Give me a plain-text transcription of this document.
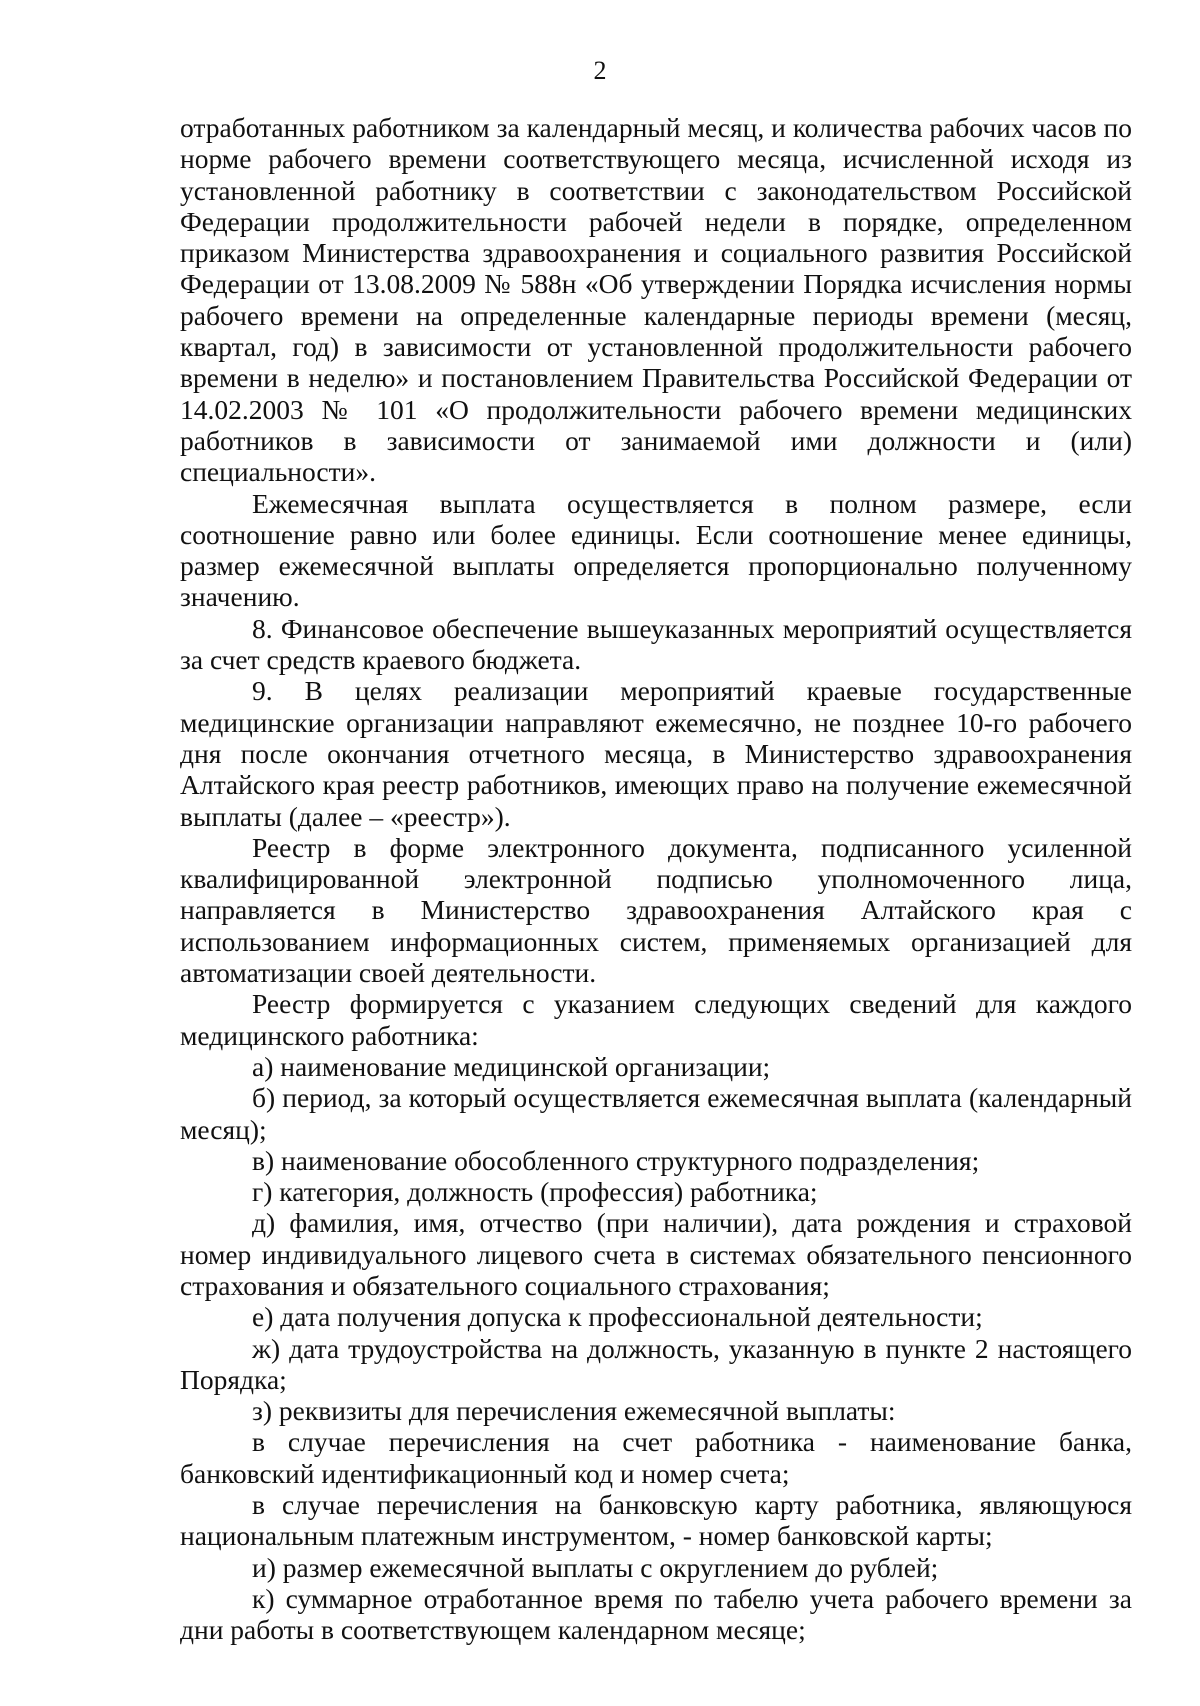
2

отработанных работником за календарный месяц, и количества рабочих часов по норме рабочего времени соответствующего месяца, исчисленной исходя из установленной работнику в соответствии с законодательством Российской Федерации продолжительности рабочей недели в порядке, определенном приказом Министерства здравоохранения и социального развития Российской Федерации от 13.08.2009 № 588н «Об утверждении Порядка исчисления нормы рабочего времени на определенные календарные периоды времени (месяц, квартал, год) в зависимости от установленной продолжительности рабочего времени в неделю» и постановлением Правительства Российской Федерации от 14.02.2003 № 101 «О продолжительности рабочего времени медицинских работников в зависимости от занимаемой ими должности и (или) специальности».

Ежемесячная выплата осуществляется в полном размере, если соотношение равно или более единицы. Если соотношение менее единицы, размер ежемесячной выплаты определяется пропорционально полученному значению.

8. Финансовое обеспечение вышеуказанных мероприятий осуществляется за счет средств краевого бюджета.

9. В целях реализации мероприятий краевые государственные медицинские организации направляют ежемесячно, не позднее 10-го рабочего дня после окончания отчетного месяца, в Министерство здравоохранения Алтайского края реестр работников, имеющих право на получение ежемесячной выплаты (далее – «реестр»).

Реестр в форме электронного документа, подписанного усиленной квалифицированной электронной подписью уполномоченного лица, направляется в Министерство здравоохранения Алтайского края с использованием информационных систем, применяемых организацией для автоматизации своей деятельности.

Реестр формируется с указанием следующих сведений для каждого медицинского работника:

а) наименование медицинской организации;

б) период, за который осуществляется ежемесячная выплата (календарный месяц);

в) наименование обособленного структурного подразделения;

г) категория, должность (профессия) работника;

д) фамилия, имя, отчество (при наличии), дата рождения и страховой номер индивидуального лицевого счета в системах обязательного пенсионного страхования и обязательного социального страхования;

е) дата получения допуска к профессиональной деятельности;

ж) дата трудоустройства на должность, указанную в пункте 2 настоящего Порядка;

з) реквизиты для перечисления ежемесячной выплаты:

в случае перечисления на счет работника - наименование банка, банковский идентификационный код и номер счета;

в случае перечисления на банковскую карту работника, являющуюся национальным платежным инструментом, - номер банковской карты;

и) размер ежемесячной выплаты с округлением до рублей;

к) суммарное отработанное время по табелю учета рабочего времени за дни работы в соответствующем календарном месяце;
